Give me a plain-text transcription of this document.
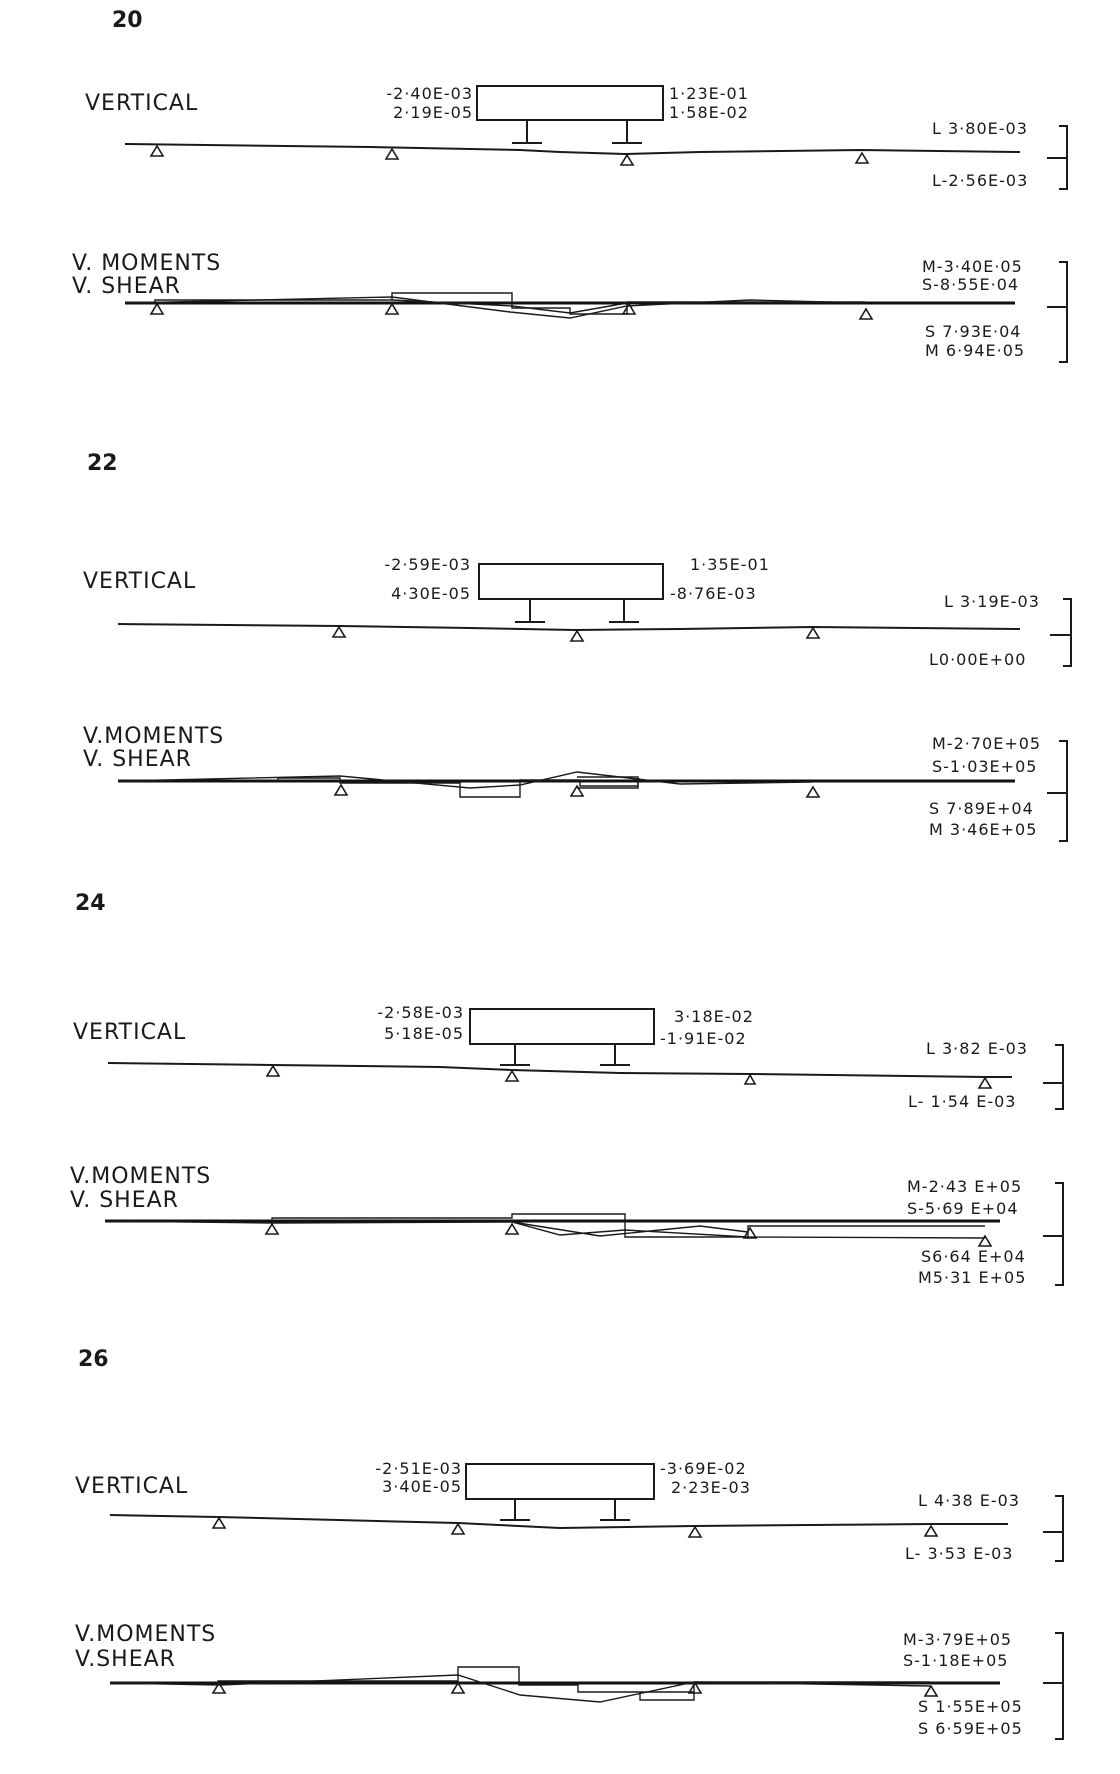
20
VERTICAL	-2·40E-03
2·19E-05
1·23E-01
1·58E-02
L 3·80E-03
L-2·56E-03
V. MOMENTS
V. SHEAR
M-3·40E·05
S-8·55E·04
S 7·93E·04
M 6·94E·05
22
VERTICAL
-2·59E-03
4·30E-05
1·35E-01
-8·76E-03	L 3·19E-03
L0·00E+00
V.MOMENTS
V. SHEAR
M-2·70E+05
S-1·03E+05
S 7·89E+04
M 3·46E+05
24
VERTICAL
-2·58E-03
5·18E-05
3·18E-02
-1·91E-02
L 3·82 E-03
L- 1·54 E-03
V.MOMENTS
V. SHEAR
M-2·43 E+05
S-5·69 E+04
S6·64 E+04
M5·31 E+05
26
VERTICAL
-2·51E-03
3·40E-05
-3·69E-02
2·23E-03
L 4·38 E-03
L- 3·53 E-03
V.MOMENTS
V.SHEAR
M-3·79E+05
S-1·18E+05
S 1·55E+05
S 6·59E+05
